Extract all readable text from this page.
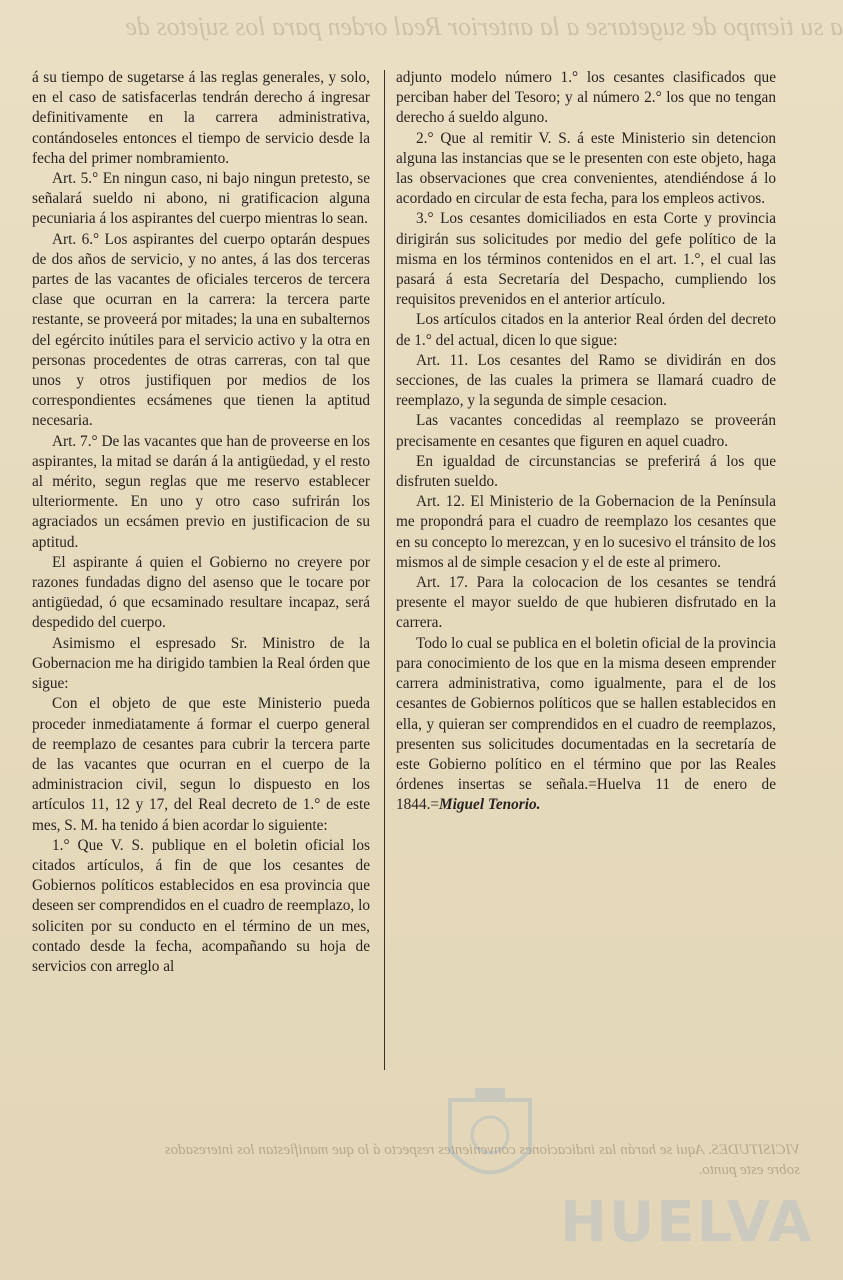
a su tiempo de sugetarse a la anterior Real orden para los sujetos de

á su tiempo de sugetarse á las reglas generales, y solo, en el caso de satisfacerlas tendrán derecho á ingresar definitivamente en la carrera administrativa, contándoseles entonces el tiempo de servicio desde la fecha del primer nombramiento.

Art. 5.° En ningun caso, ni bajo ningun pretesto, se señalará sueldo ni abono, ni gratificacion alguna pecuniaria á los aspirantes del cuerpo mientras lo sean.

Art. 6.° Los aspirantes del cuerpo optarán despues de dos años de servicio, y no antes, á las dos terceras partes de las vacantes de oficiales terceros de tercera clase que ocurran en la carrera: la tercera parte restante, se proveerá por mitades; la una en subalternos del egército inútiles para el servicio activo y la otra en personas procedentes de otras carreras, con tal que unos y otros justifiquen por medios de los correspondientes ecsámenes que tienen la aptitud necesaria.

Art. 7.° De las vacantes que han de proveerse en los aspirantes, la mitad se darán á la antigüedad, y el resto al mérito, segun reglas que me reservo establecer ulteriormente. En uno y otro caso sufrirán los agraciados un ecsámen previo en justificacion de su aptitud.

El aspirante á quien el Gobierno no creyere por razones fundadas digno del asenso que le tocare por antigüedad, ó que ecsaminado resultare incapaz, será despedido del cuerpo.

Asimismo el espresado Sr. Ministro de la Gobernacion me ha dirigido tambien la Real órden que sigue:

Con el objeto de que este Ministerio pueda proceder inmediatamente á formar el cuerpo general de reemplazo de cesantes para cubrir la tercera parte de las vacantes que ocurran en el cuerpo de la administracion civil, segun lo dispuesto en los artículos 11, 12 y 17, del Real decreto de 1.° de este mes, S. M. ha tenido á bien acordar lo siguiente:

1.° Que V. S. publique en el boletin oficial los citados artículos, á fin de que los cesantes de Gobiernos políticos establecidos en esa provincia que deseen ser comprendidos en el cuadro de reemplazo, lo soliciten por su conducto en el término de un mes, contado desde la fecha, acompañando su hoja de servicios con arreglo al

adjunto modelo número 1.° los cesantes clasificados que perciban haber del Tesoro; y al número 2.° los que no tengan derecho á sueldo alguno.

2.° Que al remitir V. S. á este Ministerio sin detencion alguna las instancias que se le presenten con este objeto, haga las observaciones que crea convenientes, atendiéndose á lo acordado en circular de esta fecha, para los empleos activos.

3.° Los cesantes domiciliados en esta Corte y provincia dirigirán sus solicitudes por medio del gefe político de la misma en los términos contenidos en el art. 1.°, el cual las pasará á esta Secretaría del Despacho, cumpliendo los requisitos prevenidos en el anterior artículo.

Los artículos citados en la anterior Real órden del decreto de 1.° del actual, dicen lo que sigue:

Art. 11. Los cesantes del Ramo se dividirán en dos secciones, de las cuales la primera se llamará cuadro de reemplazo, y la segunda de simple cesacion.

Las vacantes concedidas al reemplazo se proveerán precisamente en cesantes que figuren en aquel cuadro.

En igualdad de circunstancias se preferirá á los que disfruten sueldo.

Art. 12. El Ministerio de la Gobernacion de la Península me propondrá para el cuadro de reemplazo los cesantes que en su concepto lo merezcan, y en lo sucesivo el tránsito de los mismos al de simple cesacion y el de este al primero.

Art. 17. Para la colocacion de los cesantes se tendrá presente el mayor sueldo de que hubieren disfrutado en la carrera.

Todo lo cual se publica en el boletin oficial de la provincia para conocimiento de los que en la misma deseen emprender carrera administrativa, como igualmente, para el de los cesantes de Gobiernos políticos que se hallen establecidos en ella, y quieran ser comprendidos en el cuadro de reemplazos, presenten sus solicitudes documentadas en la secretaría de este Gobierno político en el término que por las Reales órdenes insertas se señala.=Huelva 11 de enero de 1844.=Miguel Tenorio.

VICISITUDES. Aqui se harán las indicaciones convenientes respecto á lo que manifiestan los interesados sobre este punto.
HUELVA
